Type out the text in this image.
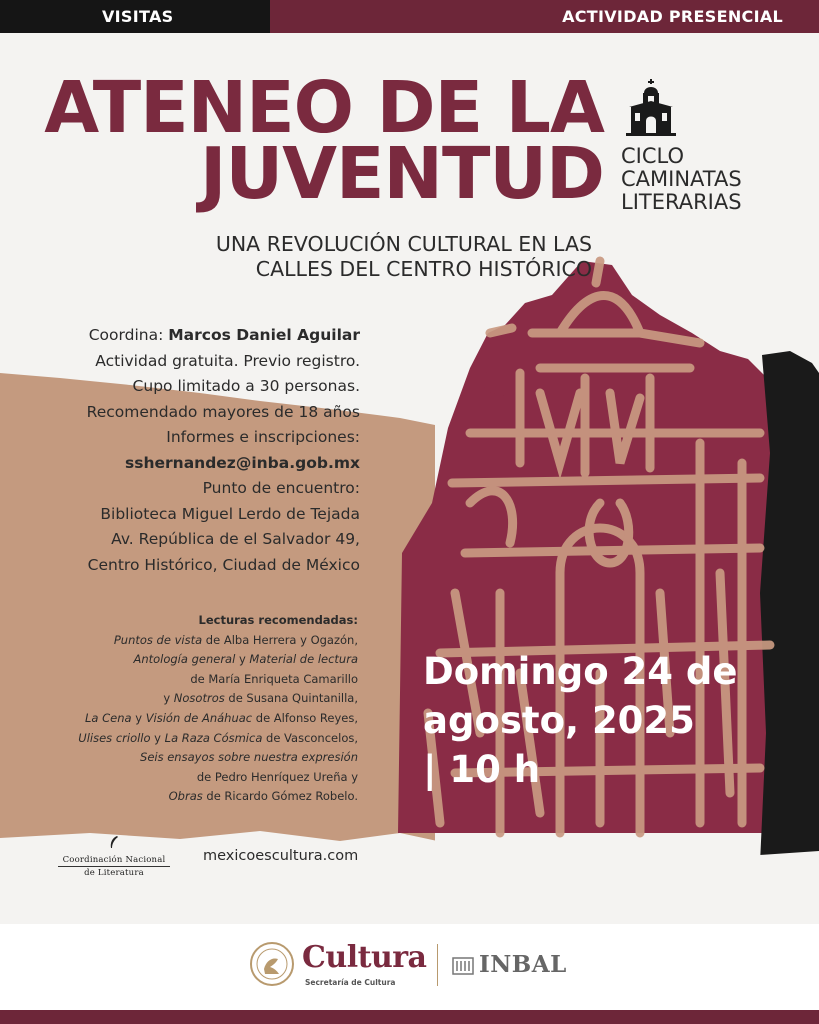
VISITAS	ACTIVIDAD PRESENCIAL
ATENEO DE LA
JUVENTUD
UNA REVOLUCIÓN CULTURAL EN LAS
CALLES DEL CENTRO HISTÓRICO
CICLO
CAMINATAS
LITERARIAS
Coordina: Marcos Daniel Aguilar
Actividad gratuita. Previo registro.
Cupo limitado a 30 personas.
Recomendado mayores de 18 años
Informes e inscripciones:
sshernandez@inba.gob.mx
Punto de encuentro:
Biblioteca Miguel Lerdo de Tejada
Av. República de el Salvador 49,
Centro Histórico, Ciudad de México
Lecturas recomendadas:
Puntos de vista de Alba Herrera y Ogazón,
Antología general y Material de lectura
de María Enriqueta Camarillo
y Nosotros de Susana Quintanilla,
La Cena y Visión de Anáhuac de Alfonso Reyes,
Ulises criollo y La Raza Cósmica de Vasconcelos,
Seis ensayos sobre nuestra expresión
de Pedro Henríquez Ureña y
Obras de Ricardo Gómez Robelo.
Domingo 24 de
agosto, 2025
| 10 h
Coordinación Nacional
de Literatura
mexicoescultura.com
Cultura
Secretaría de Cultura
INBAL
